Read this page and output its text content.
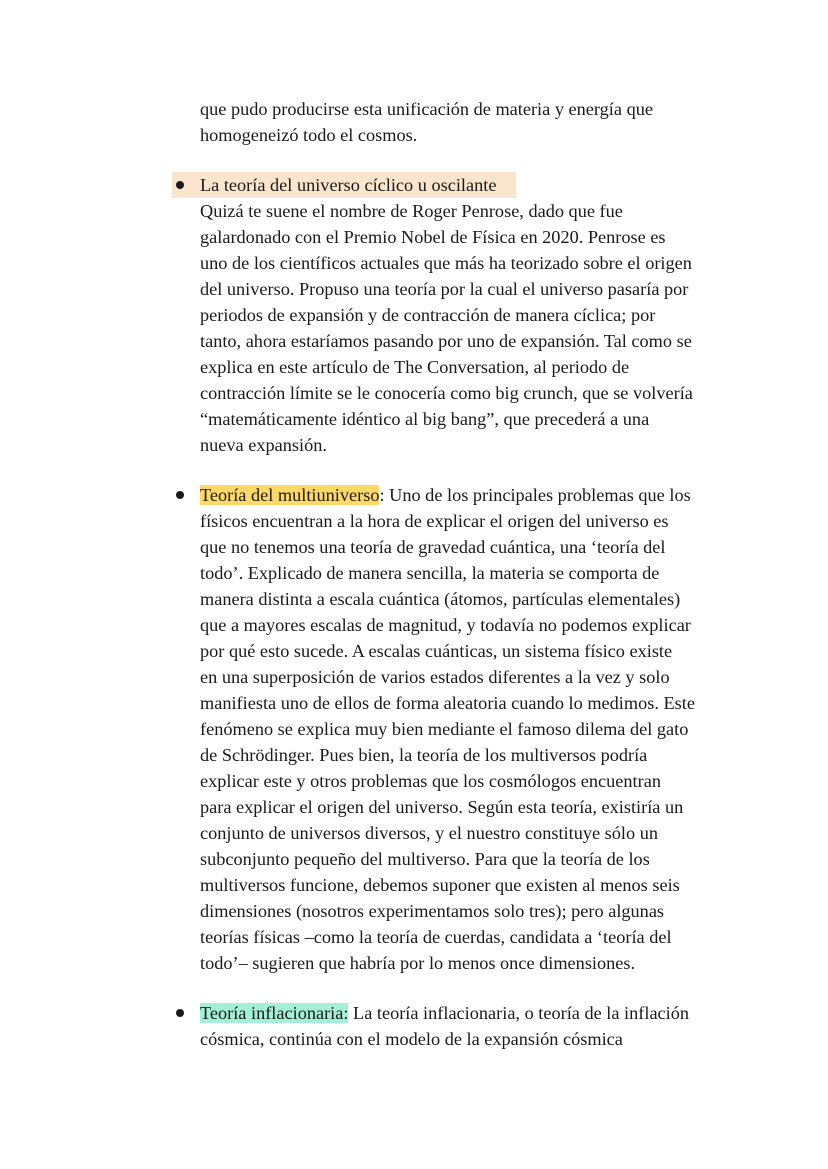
que pudo producirse esta unificación de materia y energía que
homogeneizó todo el cosmos.

La teoría del universo cíclico u oscilante
Quizá te suene el nombre de Roger Penrose, dado que fue
galardonado con el Premio Nobel de Física en 2020. Penrose es
uno de los científicos actuales que más ha teorizado sobre el origen
del universo. Propuso una teoría por la cual el universo pasaría por
periodos de expansión y de contracción de manera cíclica; por
tanto, ahora estaríamos pasando por uno de expansión. Tal como se
explica en este artículo de The Conversation, al periodo de
contracción límite se le conocería como big crunch, que se volvería
“matemáticamente idéntico al big bang”, que precederá a una
nueva expansión.
Teoría del multiuniverso: Uno de los principales problemas que los
físicos encuentran a la hora de explicar el origen del universo es
que no tenemos una teoría de gravedad cuántica, una ‘teoría del
todo’. Explicado de manera sencilla, la materia se comporta de
manera distinta a escala cuántica (átomos, partículas elementales)
que a mayores escalas de magnitud, y todavía no podemos explicar
por qué esto sucede. A escalas cuánticas, un sistema físico existe
en una superposición de varios estados diferentes a la vez y solo
manifiesta uno de ellos de forma aleatoria cuando lo medimos. Este
fenómeno se explica muy bien mediante el famoso dilema del gato
de Schrödinger. Pues bien, la teoría de los multiversos podría
explicar este y otros problemas que los cosmólogos encuentran
para explicar el origen del universo. Según esta teoría, existiría un
conjunto de universos diversos, y el nuestro constituye sólo un
subconjunto pequeño del multiverso. Para que la teoría de los
multiversos funcione, debemos suponer que existen al menos seis
dimensiones (nosotros experimentamos solo tres); pero algunas
teorías físicas –como la teoría de cuerdas, candidata a ‘teoría del
todo’– sugieren que habría por lo menos once dimensiones.
Teoría inflacionaria: La teoría inflacionaria, o teoría de la inflación
cósmica, continúa con el modelo de la expansión cósmica
